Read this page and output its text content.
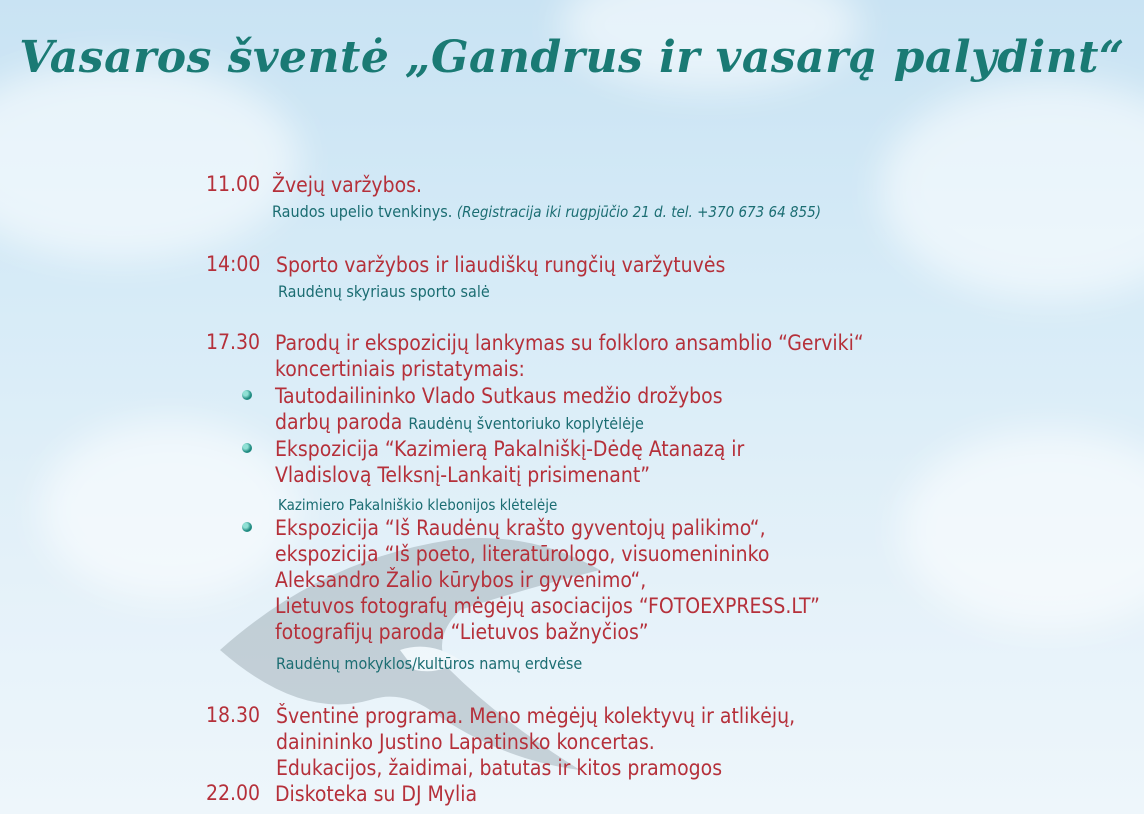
Vasaros šventė „Gandrus ir vasarą palydint“
11.00 Žvejų varžybos.
Raudos upelio tvenkinys. (Registracija iki rugpjūčio 21 d. tel. +370 673 64 855)
14:00 Sporto varžybos ir liaudiškų rungčių varžytuvės
Raudėnų skyriaus sporto salė
17.30 Parodų ir ekspozicijų lankymas su folkloro ansamblio “Gerviki“
koncertiniais pristatymais:
Tautodailininko Vlado Sutkaus medžio drožybos
darbų paroda Raudėnų šventoriuko koplytėlėje
Ekspozicija “Kazimierą Pakalniškį-Dėdę Atanazą ir
Vladislovą Telksnį-Lankaitį prisimenant”
Kazimiero Pakalniškio klebonijos klėtelėje
Ekspozicija “Iš Raudėnų krašto gyventojų palikimo“,
ekspozicija “Iš poeto, literatūrologo, visuomenininko
Aleksandro Žalio kūrybos ir gyvenimo“,
Lietuvos fotografų mėgėjų asociacijos “FOTOEXPRESS.LT”
fotografijų paroda “Lietuvos bažnyčios”
Raudėnų mokyklos/kultūros namų erdvėse
18.30 Šventinė programa. Meno mėgėjų kolektyvų ir atlikėjų,
dainininko Justino Lapatinsko koncertas.
Edukacijos, žaidimai, batutas ir kitos pramogos
22.00 Diskoteka su DJ Mylia
